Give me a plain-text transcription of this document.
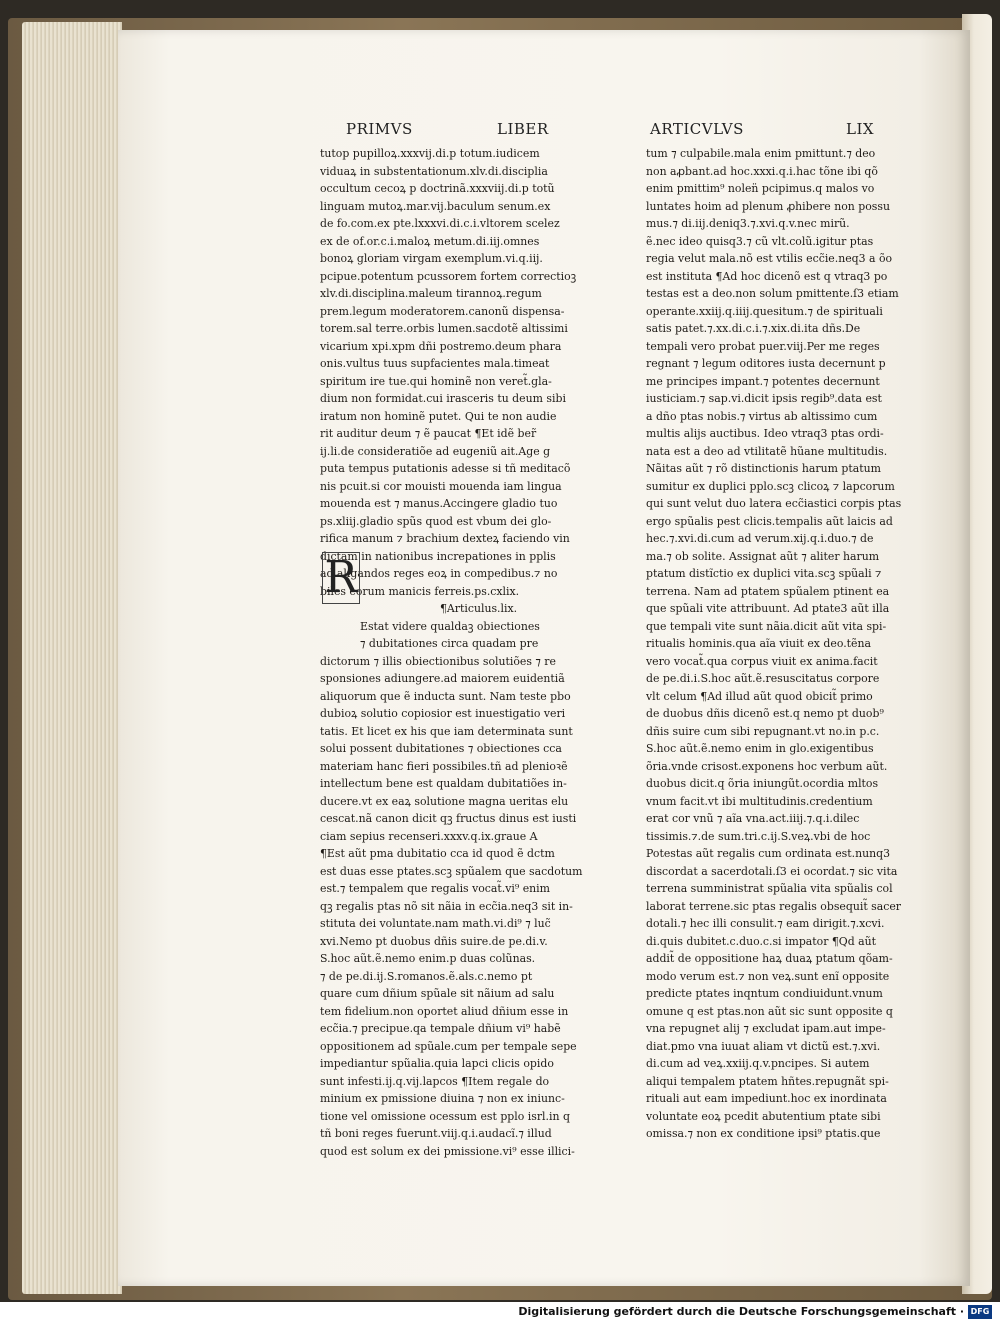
PRIMVS	LIBER	ARTICVLVS	LIX
tutop pupilloꝝ.xxxvij.di.p totum.iudicem
viduaꝝ in substentationum.xlv.di.disciplia
occultum cecoꝝ p doctrinã.xxxviij.di.p totũ
linguam mutoꝝ.mar.vij.baculum senum.ex
de fo.com.ex pte.lxxxvi.di.c.i.vltorem scelez
ex de of.or.c.i.maloꝝ metum.di.iij.omnes
bonoꝝ gloriam virgam exemplum.vi.q.iij.
pcipue.potentum pcussorem fortem correctioꝫ
xlv.di.disciplina.maleum tirannoꝝ.regum
prem.legum moderatorem.canonũ dispensa-
torem.sal terre.orbis lumen.sacdotẽ altissimi
vicarium xpi.xpm dñi postremo.deum phara
onis.vultus tuus supfacientes mala.timeat
spiritum ire tue.qui hominẽ non veret̃.gla-
dium non formidat.cui irasceris tu deum sibi
iratum non hominẽ putet. Qui te non audie
rit auditur deum ⁊ ẽ paucat ¶Et idẽ ber̃
ij.li.de consideratiõe ad eugeniũ ait.Age g
puta tempus putationis adesse si tñ meditacõ
nis pcuit.si cor mouisti mouenda iam lingua
mouenda est ⁊ manus.Accingere gladio tuo
ps.xliij.gladio spũs quod est vbum dei glo-
rifica manum ⁊ brachium dexteꝝ faciendo vin
dictam in nationibus increpationes in pplis
ad aligandos reges eoꝝ in compedibus.⁊ no
biles eorum manicis ferreis.ps.cxlix.
¶Articulus.lix.
Estat videre qualdaꝫ obiectiones
⁊ dubitationes circa quadam pre
dictorum ⁊ illis obiectionibus solutiões ⁊ re
sponsiones adiungere.ad maiorem euidentiã
aliquorum que ẽ inducta sunt. Nam teste pbo
dubioꝝ solutio copiosior est inuestigatio veri
tatis. Et licet ex his que iam determinata sunt
solui possent dubitationes ⁊ obiectiones cca
materiam hanc fieri possibiles.tñ ad plenioꝛẽ
intellectum bene est qualdam dubitatiões in-
ducere.vt ex eaꝝ solutione magna ueritas elu
cescat.nã canon dicit qꝫ fructus dinus est iusti
ciam sepius recenseri.xxxv.q.ix.graue A
¶Est aũt pma dubitatio cca id quod ẽ dctm
est duas esse ptates.scꝫ spũalem que sacdotum
est.⁊ tempalem que regalis vocat̃.vi⁹ enim
qꝫ regalis ptas nõ sit nãia in ecc̃ia.neq3 sit in-
stituta dei voluntate.nam math.vi.di⁹ ⁊ luc̃
xvi.Nemo pt duobus dñis suire.de pe.di.v.
S.hoc aũt.ẽ.nemo enim.p duas colũnas.
⁊ de pe.di.ij.S.romanos.ẽ.als.c.nemo pt
quare cum dñium spũale sit nãium ad salu
tem fidelium.non oportet aliud dñium esse in
ecc̃ia.⁊ precipue.qa tempale dñium vi⁹ habẽ
oppositionem ad spũale.cum per tempale sepe
impediantur spũalia.quia lapci clicis opido
sunt infesti.ij.q.vij.lapcos ¶Item regale do
minium ex pmissione diuina ⁊ non ex iniunc-
tione vel omissione ocessum est pplo isrl.in q
tñ boni reges fuerunt.viij.q.i.audacĩ.⁊ illud
quod est solum ex dei pmissione.vi⁹ esse illici-
R
tum ⁊ culpabile.mala enim pmittunt.⁊ deo
non aꝓbant.ad hoc.xxxi.q.i.hac tõne ibi qõ
enim pmittim⁹ nolen̈ pcipimus.q malos vo
luntates hoim ad plenum ꝓhibere non possu
mus.⁊ di.iij.deniq3.⁊.xvi.q.v.nec mirũ.
ẽ.nec ideo quisq3.⁊ cũ vlt.colũ.igitur ptas
regia velut mala.nõ est vtilis ecc̃ie.neq3 a õo
est instituta ¶Ad hoc dicenõ est q vtraq3 po
testas est a deo.non solum pmittente.ſ3 etiam
operante.xxiij.q.iiij.quesitum.⁊ de spirituali
satis patet.⁊.xx.di.c.i.⁊.xix.di.ita dñs.De
tempali vero probat puer.viij.Per me reges
regnant ⁊ legum oditores iusta decernunt p
me principes impant.⁊ potentes decernunt
iusticiam.⁊ sap.vi.dicit ipsis regib⁹.data est
a dño ptas nobis.⁊ virtus ab altissimo cum
multis alijs auctibus. Ideo vtraq3 ptas ordi-
nata est a deo ad vtilitatẽ hũane multitudis.
Nãitas aũt ⁊ rõ distinctionis harum ptatum
sumitur ex duplici pplo.scꝫ clicoꝝ ⁊ lapcorum
qui sunt velut duo latera ecc̃iastici corpis ptas
ergo spũalis pest clicis.tempalis aũt laicis ad
hec.⁊.xvi.di.cum ad verum.xij.q.i.duo.⁊ de
ma.⁊ ob solite. Assignat aũt ⁊ aliter harum
ptatum distĩctio ex duplici vita.scꝫ spũali ⁊
terrena. Nam ad ptatem spũalem ptinent ea
que spũali vite attribuunt. Ad ptate3 aũt illa
que tempali vite sunt nãia.dicit aũt vita spi-
ritualis hominis.qua aĩa viuit ex deo.tẽna
vero vocat̃.qua corpus viuit ex anima.facit
de pe.di.i.S.hoc aũt.ẽ.resuscitatus corpore
vlt celum ¶Ad illud aũt quod obicit̃ primo
de duobus dñis dicenõ est.q nemo pt duob⁹
dñis suire cum sibi repugnant.vt no.in p.c.
S.hoc aũt.ẽ.nemo enim in glo.exigentibus
õria.vnde crisost.exponens hoc verbum aũt.
duobus dicit.q õria iniungũt.ocordia mltos
vnum facit.vt ibi multitudinis.credentium
erat cor vnũ ⁊ aĩa vna.act.iiij.⁊.q.i.dilec
tissimis.⁊.de sum.tri.c.ij.S.veꝝ.vbi de hoc
Potestas aũt regalis cum ordinata est.nunq3
discordat a sacerdotali.ſ3 ei ocordat.⁊ sic vita
terrena sumministrat spũalia vita spũalis col
laborat terrene.sic ptas regalis obsequit̃ sacer
dotali.⁊ hec illi consulit.⁊ eam dirigit.⁊.xcvi.
di.quis dubitet.c.duo.c.si impator ¶Qd aũt
addit̃ de oppositione haꝝ duaꝝ ptatum qõam-
modo verum est.⁊ non veꝝ.sunt enĩ opposite
predicte ptates inqntum condiuidunt.vnum
omune q est ptas.non aũt sic sunt opposite q
vna repugnet alij ⁊ excludat ipam.aut impe-
diat.pmo vna iuuat aliam vt dictũ est.⁊.xvi.
di.cum ad veꝝ.xxiij.q.v.pncipes. Si autem
aliqui tempalem ptatem hñtes.repugnãt spi-
rituali aut eam impediunt.hoc ex inordinata
voluntate eoꝝ pcedit abutentium ptate sibi
omissa.⁊ non ex conditione ipsi⁹ ptatis.que
Digitalisierung gefördert durch die Deutsche Forschungsgemeinschaft · DFG
